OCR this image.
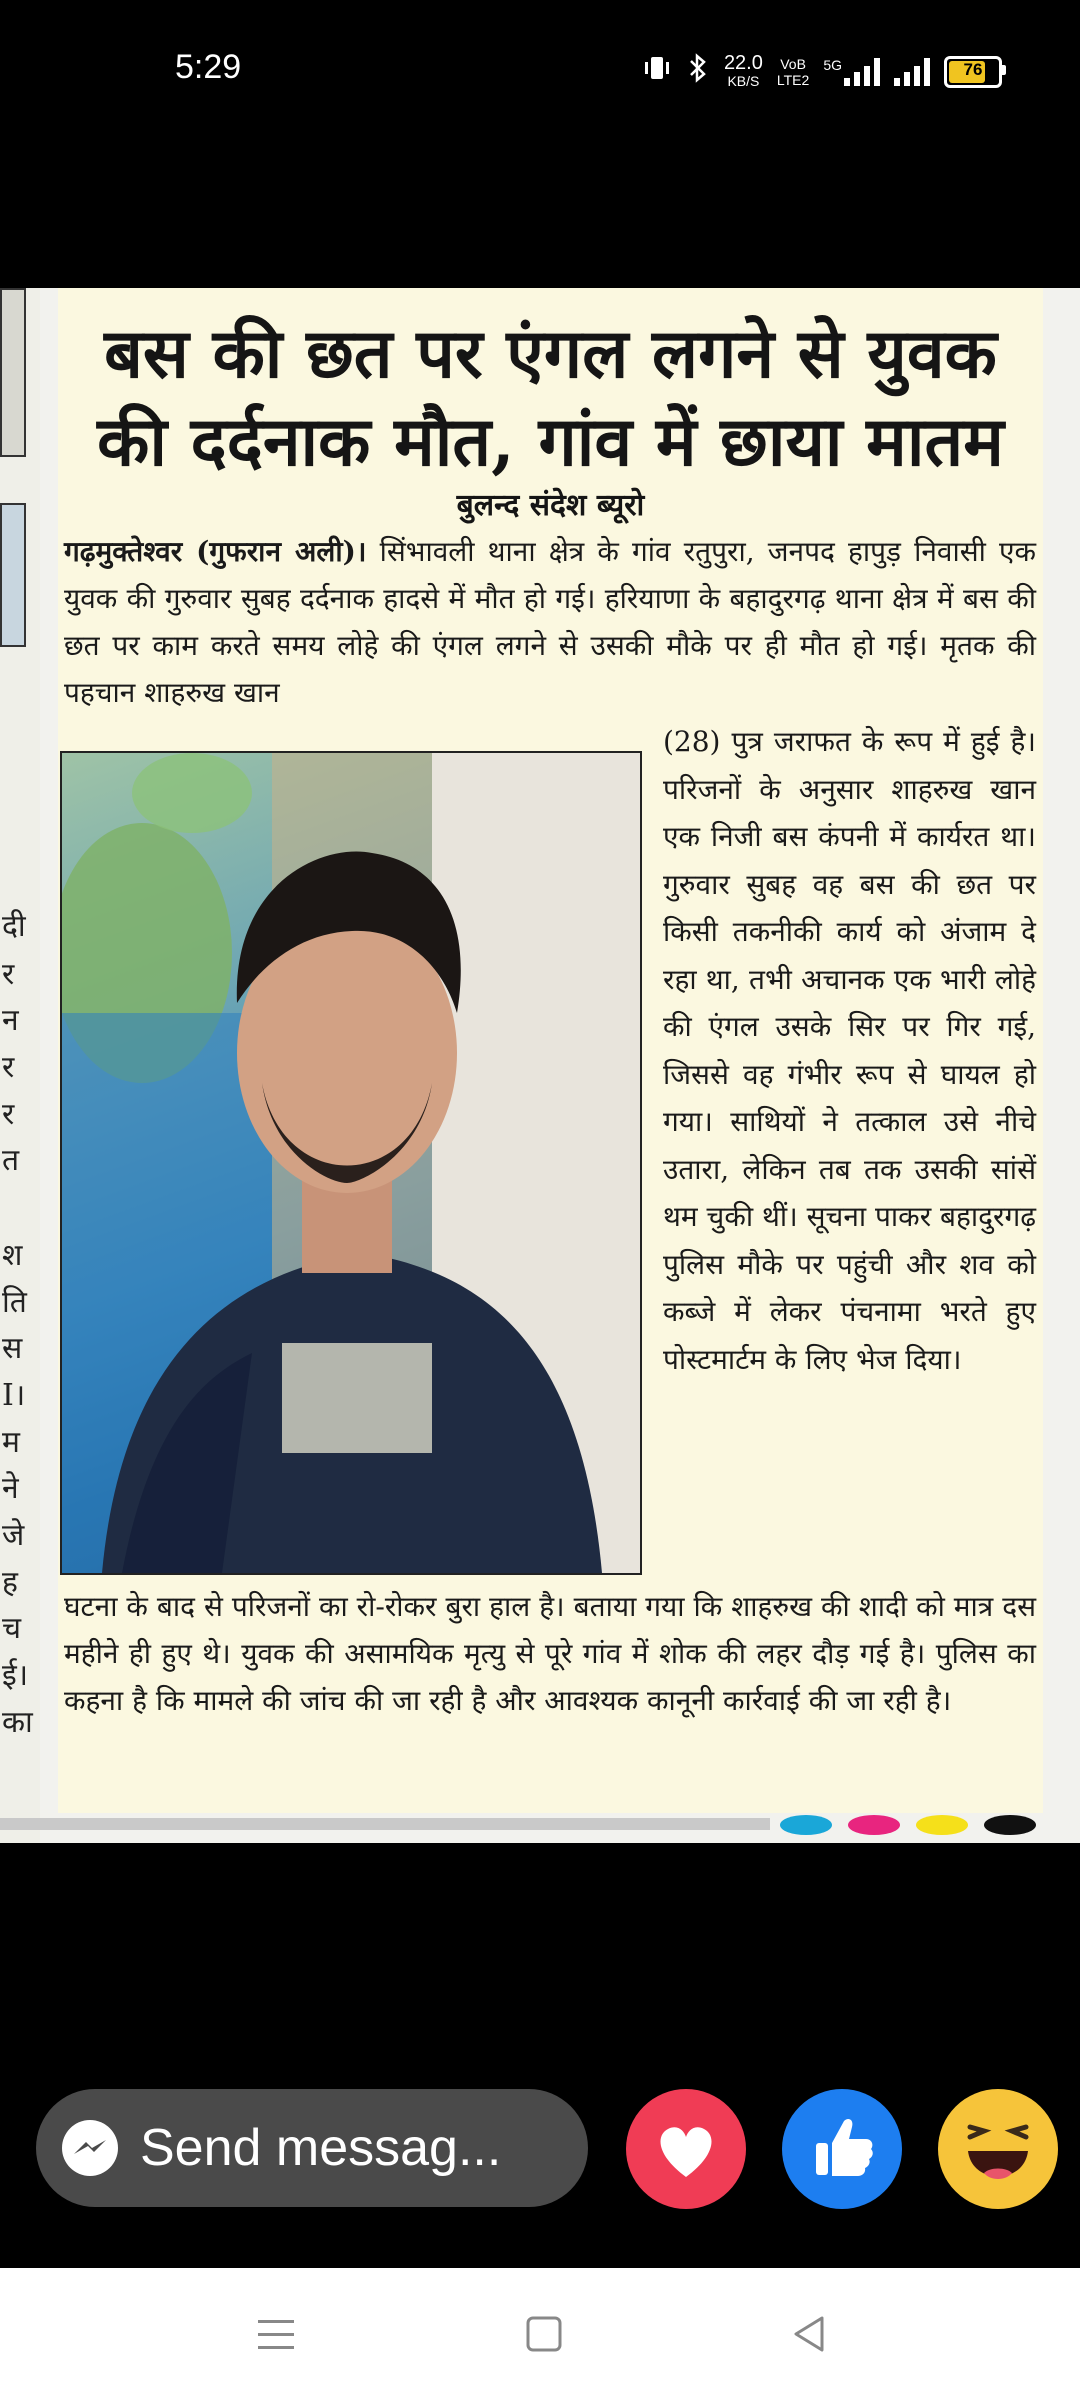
5:29	22.0
KB/S
VoB
LTE2
5G	76
दी
र
न
र
र
त
श
ति
स
I।
म
ने
जे
ह
च
ई।
का
बस की छत पर एंगल लगने से युवक
की दर्दनाक मौत, गांव में छाया मातम
बुलन्द संदेश ब्यूरो
गढ़मुक्तेश्वर (गुफरान अली)। सिंभावली थाना क्षेत्र के गांव रतुपुरा, जनपद हापुड़ निवासी एक युवक की गुरुवार सुबह दर्दनाक हादसे में मौत हो गई। हरियाणा के बहादुरगढ़ थाना क्षेत्र में बस की छत पर काम करते समय लोहे की एंगल लगने से उसकी मौके पर ही मौत हो गई। मृतक की पहचान शाहरुख खान
(28) पुत्र जराफत के रूप में हुई है। परिजनों के अनुसार शाहरुख खान एक निजी बस कंपनी में कार्यरत था। गुरुवार सुबह वह बस की छत पर किसी तकनीकी कार्य को अंजाम दे रहा था, तभी अचानक एक भारी लोहे की एंगल उसके सिर पर गिर गई, जिससे वह गंभीर रूप से घायल हो गया। साथियों ने तत्काल उसे नीचे उतारा, लेकिन तब तक उसकी सांसें थम चुकी थीं। सूचना पाकर बहादुरगढ़ पुलिस मौके पर पहुंची और शव को कब्जे में लेकर पंचनामा भरते हुए पोस्टमार्टम के लिए भेज दिया।
घटना के बाद से परिजनों का रो-रोकर बुरा हाल है। बताया गया कि शाहरुख की शादी को मात्र दस महीने ही हुए थे। युवक की असामयिक मृत्यु से पूरे गांव में शोक की लहर दौड़ गई है। पुलिस का कहना है कि मामले की जांच की जा रही है और आवश्यक कानूनी कार्रवाई की जा रही है।
Send messag...
